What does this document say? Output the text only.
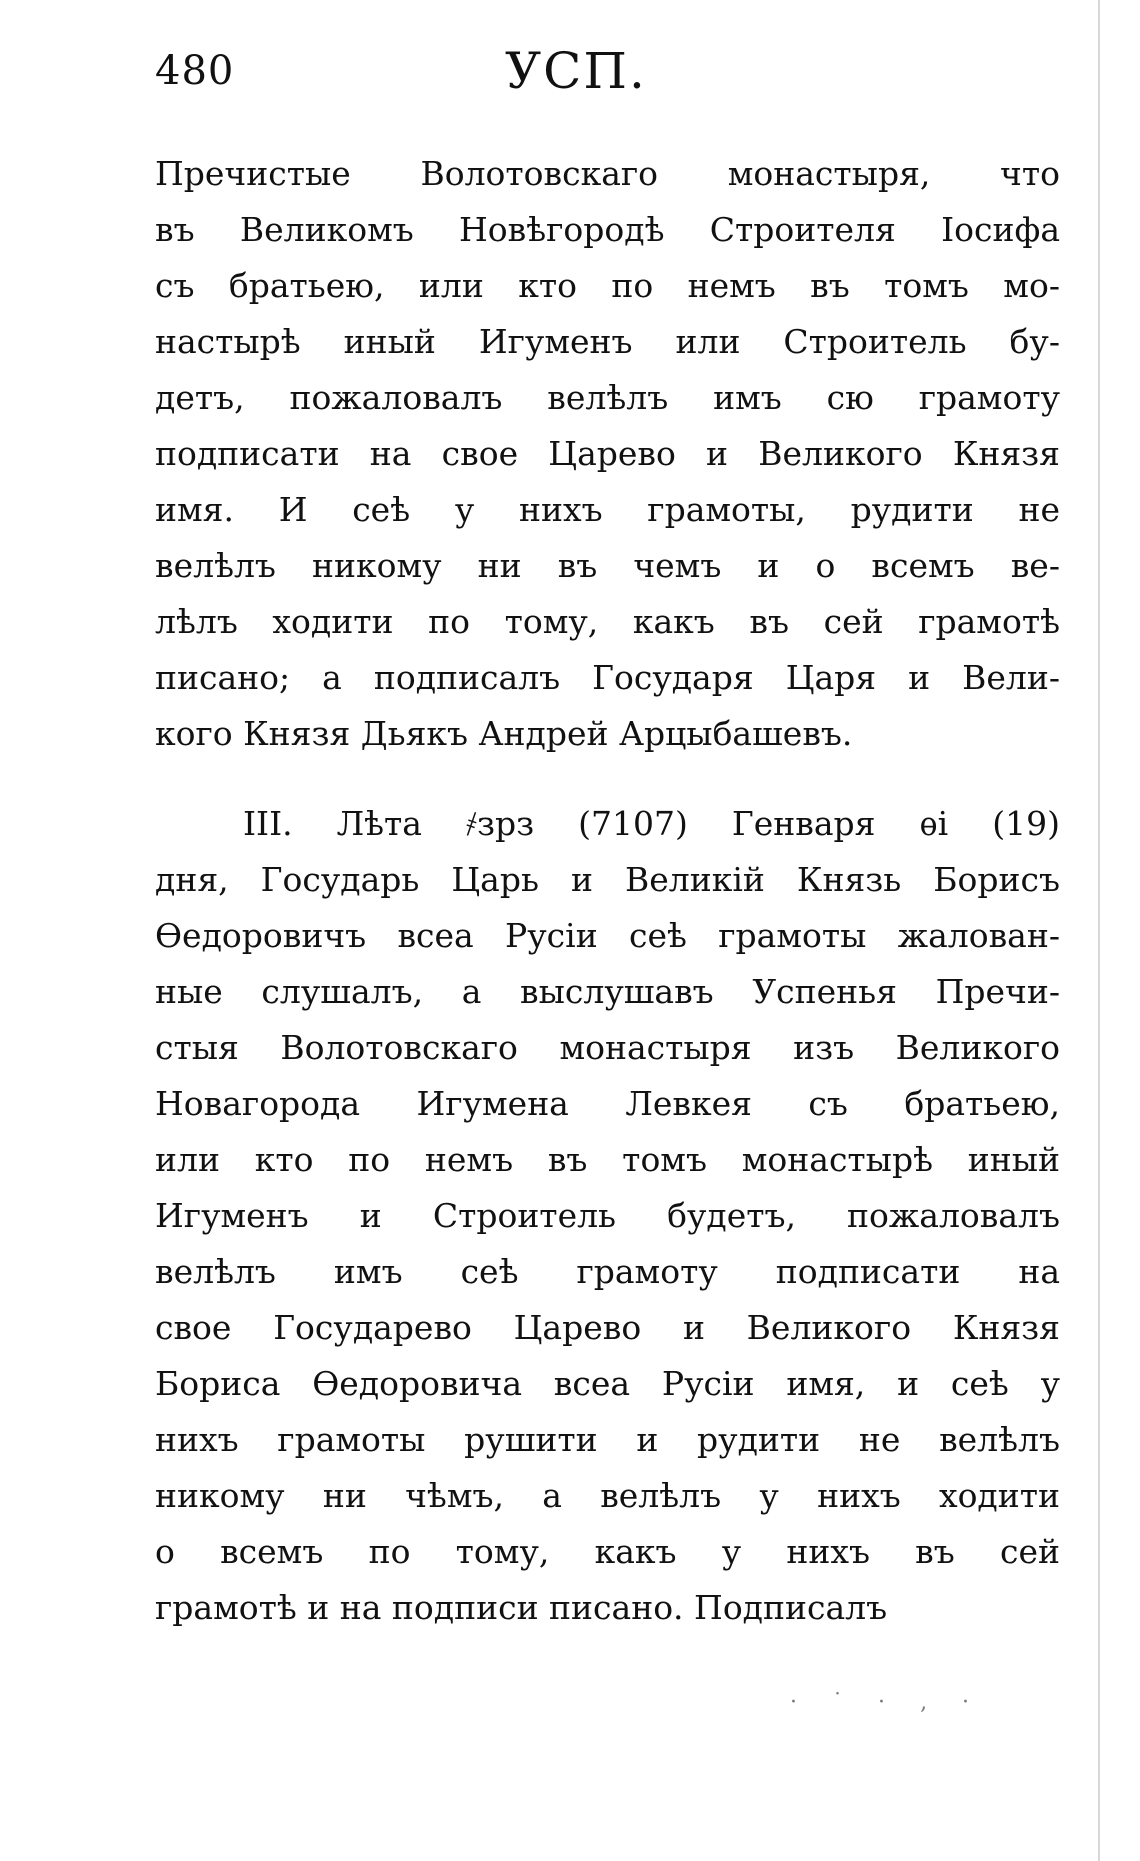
480	УСП.
Пречистые Волотовскаго монастыря, что
въ Великомъ Новѣгородѣ Строителя Іосифа
съ братьею, или кто по немъ въ томъ мо-
настырѣ иный Игуменъ или Строитель бу-
детъ, пожаловалъ велѣлъ имъ сю грамоту
подписати на свое Царево и Великого Князя
имя. И сеѣ у нихъ грамоты, рудити не
велѣлъ никому ни въ чемъ и о всемъ ве-
лѣлъ ходити по тому, какъ въ сей грамотѣ
писано; а подписалъ Государя Царя и Вели-
кого Князя Дьякъ Андрей Арцыбашевъ.
III. Лѣта ҂зрз (7107) Генваря ѳі (19)
дня, Государь Царь и Великій Князь Борисъ
Ѳедоровичъ всеа Русіи сеѣ грамоты жалован-
ные слушалъ, а выслушавъ Успенья Пречи-
стыя Волотовскаго монастыря изъ Великого
Новагорода Игумена Левкея съ братьею,
или кто по немъ въ томъ монастырѣ иный
Игуменъ и Строитель будетъ, пожаловалъ
велѣлъ имъ сеѣ грамоту подписати на
свое Государево Царево и Великого Князя
Бориса Ѳедоровича всеа Русіи имя, и сеѣ у
нихъ грамоты рушити и рудити не велѣлъ
никому ни чѣмъ, а велѣлъ у нихъ ходити
о всемъ по тому, какъ у нихъ въ сей
грамотѣ и на подписи писано. Подписалъ
· ˙ · ‚ ·
